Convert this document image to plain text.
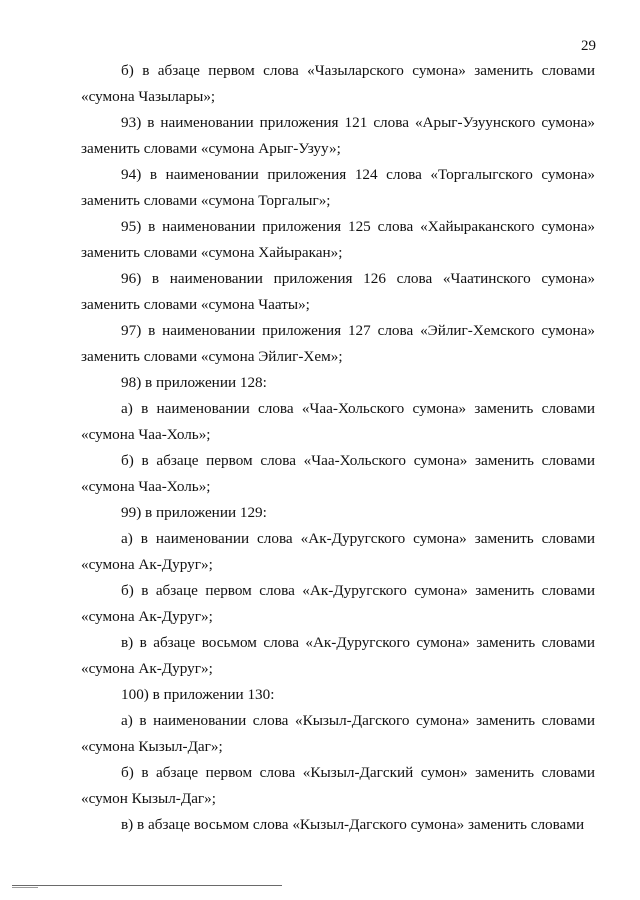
29

б) в абзаце первом слова «Чазыларского сумона» заменить словами «сумона Чазылары»;

93) в наименовании приложения 121 слова «Арыг-Узуунского сумона» заменить словами «сумона Арыг-Узуу»;

94) в наименовании приложения 124 слова «Торгалыгского сумона» заменить словами «сумона Торгалыг»;

95) в наименовании приложения 125 слова «Хайыраканского сумона» заменить словами «сумона Хайыракан»;

96) в наименовании приложения 126 слова «Чаатинского сумона» заменить словами «сумона Чааты»;

97) в наименовании приложения 127 слова «Эйлиг-Хемского сумона» заменить словами «сумона Эйлиг-Хем»;

98) в приложении 128:

а) в наименовании слова «Чаа-Хольского сумона» заменить словами «сумона Чаа-Холь»;

б) в абзаце первом слова «Чаа-Хольского сумона» заменить словами «сумона Чаа-Холь»;

99) в приложении 129:

а) в наименовании слова «Ак-Дуругского сумона» заменить словами «сумона Ак-Дуруг»;

б) в абзаце первом слова «Ак-Дуругского сумона» заменить словами «сумона Ак-Дуруг»;

в) в абзаце восьмом слова «Ак-Дуругского сумона» заменить словами «сумона Ак-Дуруг»;

100) в приложении 130:

а) в наименовании слова «Кызыл-Дагского сумона» заменить словами «сумона Кызыл-Даг»;

б) в абзаце первом слова «Кызыл-Дагский сумон» заменить словами «сумон Кызыл-Даг»;

в) в абзаце восьмом слова «Кызыл-Дагского сумона» заменить словами
